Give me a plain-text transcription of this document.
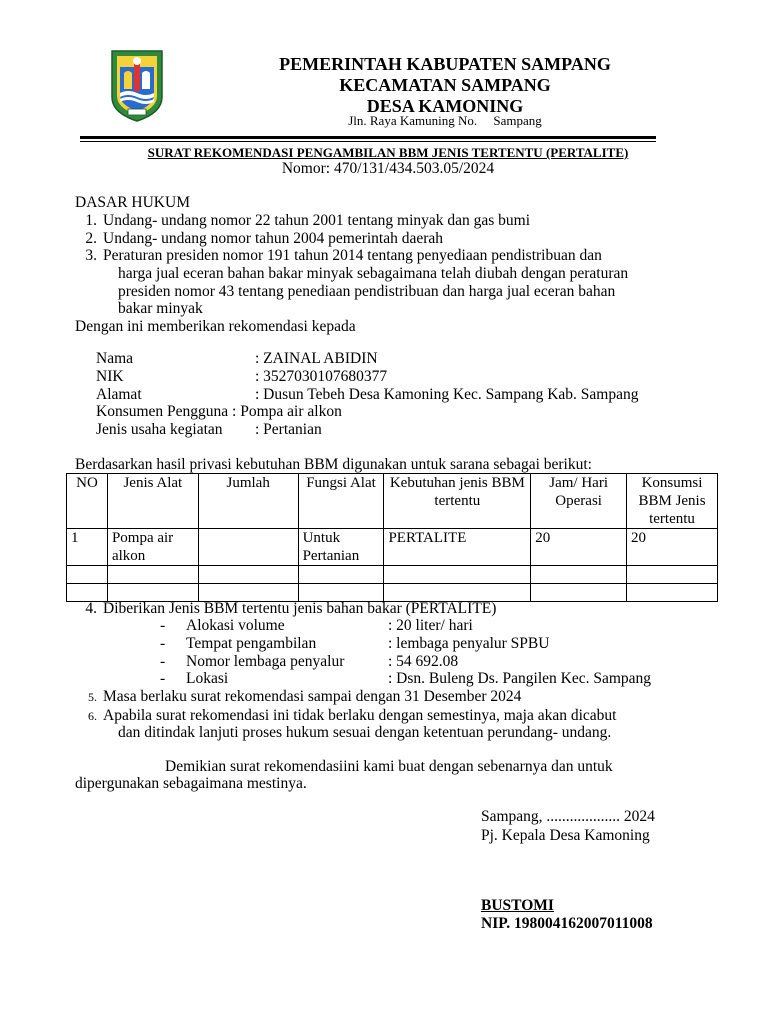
PEMERINTAH KABUPATEN SAMPANG
KECAMATAN SAMPANG
DESA KAMONING
Jln. Raya Kamuning No.     Sampang
SURAT REKOMENDASI PENGAMBILAN BBM JENIS TERTENTU (PERTALITE)
Nomor: 470/131/434.503.05/2024
DASAR HUKUM
1. Undang- undang nomor 22 tahun 2001 tentang minyak dan gas bumi
2. Undang- undang nomor tahun 2004 pemerintah daerah
3. Peraturan presiden nomor 191 tahun 2014 tentang penyediaan pendistribuan dan
harga jual eceran bahan bakar minyak sebagaimana telah diubah dengan peraturan
presiden nomor 43 tentang penediaan pendistribuan dan harga jual eceran bahan
bakar minyak
Dengan ini memberikan rekomendasi kepada
Nama	: ZAINAL ABIDIN
NIK	: 3527030107680377
Alamat	: Dusun Tebeh Desa Kamoning Kec. Sampang Kab. Sampang
Konsumen Pengguna : Pompa air alkon
Jenis usaha kegiatan : Pertanian
Berdasarkan hasil privasi kebutuhan BBM digunakan untuk sarana sebagai berikut:
NO	Jenis Alat	Jumlah	Fungsi Alat	Kebutuhan jenis BBM tertentu	Jam/ Hari Operasi	Konsumsi BBM Jenis tertentu
1	Pompa air alkon		Untuk Pertanian	PERTALITE	20	20

4. Diberikan Jenis BBM tertentu jenis bahan bakar (PERTALITE)
- Alokasi volume	: 20 liter/ hari
- Tempat pengambilan	: lembaga penyalur SPBU
- Nomor lembaga penyalur	: 54 692.08
- Lokasi	: Dsn. Buleng Ds. Pangilen Kec. Sampang
5. Masa berlaku surat rekomendasi sampai dengan 31 Desember 2024
6. Apabila surat rekomendasi ini tidak berlaku dengan semestinya, maja akan dicabut
dan ditindak lanjuti proses hukum sesuai dengan ketentuan perundang- undang.
Demikian surat rekomendasiini kami buat dengan sebenarnya dan untuk
dipergunakan sebagaimana mestinya.
Sampang, ................... 2024
Pj. Kepala Desa Kamoning
BUSTOMI
NIP. 198004162007011008
